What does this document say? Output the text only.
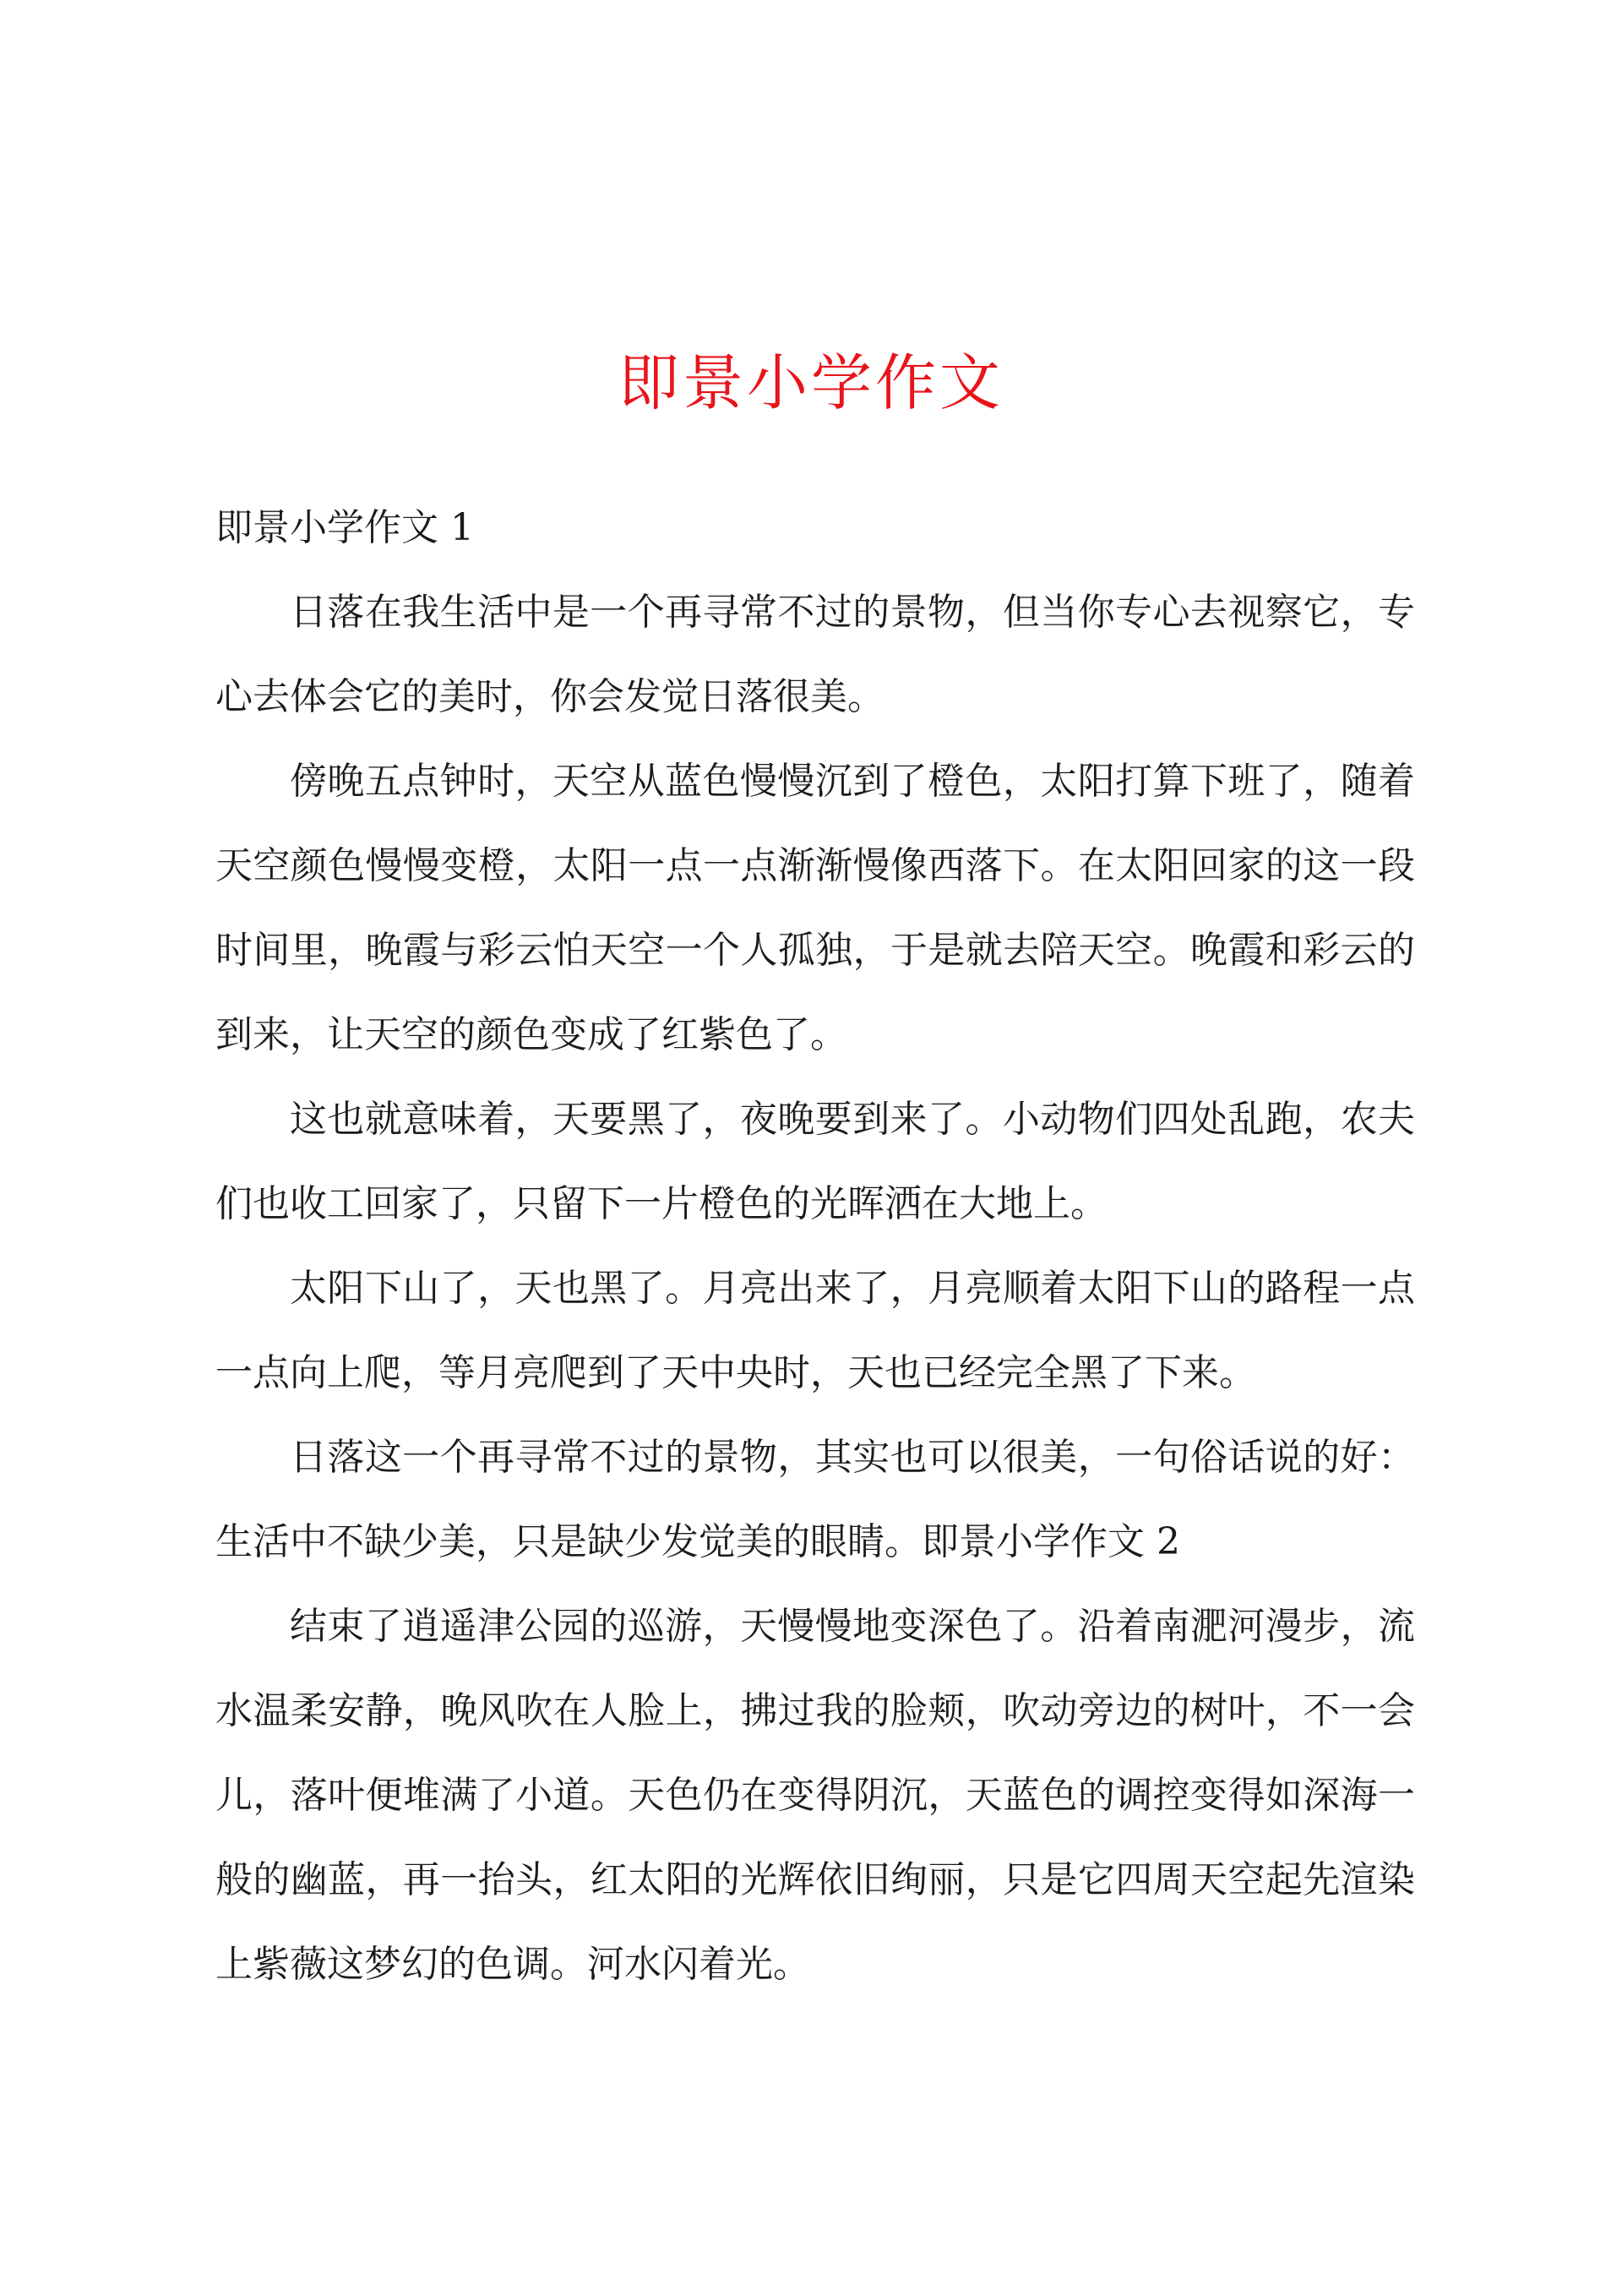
即景小学作文

即景小学作文 1

日落在我生活中是一个再寻常不过的景物，但当你专心去视察它，专心去体会它的美时，你会发觉日落很美。

傍晚五点钟时，天空从蓝色慢慢沉到了橙色，太阳打算下班了，随着天空颜色慢慢变橙，太阳一点一点渐渐慢像西落下。在太阳回家的这一段时间里，晚霞与彩云怕天空一个人孤独，于是就去陪天空。晚霞和彩云的到来，让天空的颜色变成了红紫色了。

这也就意味着，天要黑了，夜晚要到来了。小动物们四处乱跑，农夫们也收工回家了，只留下一片橙色的光晖洒在大地上。

太阳下山了，天也黑了。月亮出来了，月亮顺着太阳下山的路程一点一点向上爬，等月亮爬到了天中央时，天也已经完全黑了下来。

日落这一个再寻常不过的景物，其实也可以很美，一句俗话说的好：生活中不缺少美，只是缺少发觉美的眼睛。即景小学作文 2

结束了逍遥津公园的巡游，天慢慢地变深色了。沿着南淝河漫步，流水温柔安静，晚风吹在人脸上，拂过我的脸颊，吹动旁边的树叶，不一会儿，落叶便堆满了小道。天色仍在变得阴沉，天蓝色的调控变得如深海一般的幽蓝，再一抬头，红太阳的光辉依旧绚丽，只是它四周天空起先渲染上紫薇这梦幻的色调。河水闪着光。
